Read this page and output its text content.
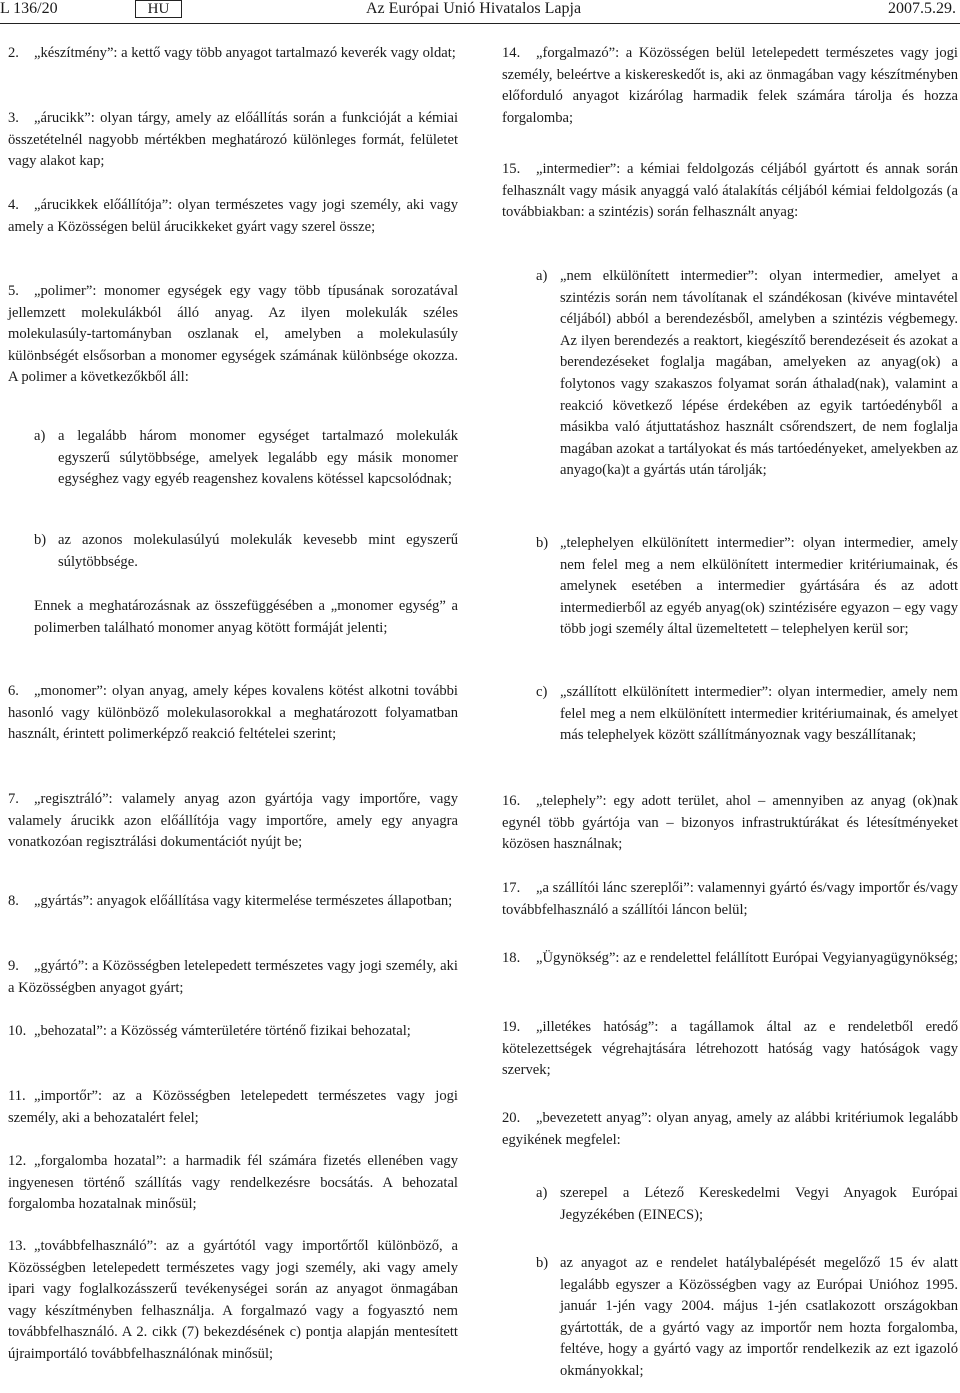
L 136/20	HU	Az Európai Unió Hivatalos Lapja	2007.5.29.
2.	„készítmény”: a kettő vagy több anyagot tartalmazó keverék vagy oldat;
3.	„árucikk”: olyan tárgy, amely az előállítás során a funkcióját a kémiai összetételnél nagyobb mértékben meghatározó különleges formát, felületet vagy alakot kap;
4.	„árucikkek előállítója”: olyan természetes vagy jogi személy, aki vagy amely a Közösségen belül árucikkeket gyárt vagy szerel össze;
5.	„polimer”: monomer egységek egy vagy több típusának sorozatával jellemzett molekulákból álló anyag. Az ilyen molekulák széles molekulasúly-tartományban oszlanak el, amelyben a molekulasúly különbségét elsősorban a monomer egységek számának különbsége okozza. A polimer a következőkből áll:
a) a legalább három monomer egységet tartalmazó molekulák egyszerű súlytöbbsége, amelyek legalább egy másik monomer egységhez vagy egyéb reagenshez kovalens kötéssel kapcsolódnak;
b) az azonos molekulasúlyú molekulák kevesebb mint egyszerű súlytöbbsége.
Ennek a meghatározásnak az összefüggésében a „monomer egység” a polimerben található monomer anyag kötött formáját jelenti;
6.	„monomer”: olyan anyag, amely képes kovalens kötést alkotni további hasonló vagy különböző molekulasorokkal a meghatározott folyamatban használt, érintett polimerképző reakció feltételei szerint;
7.	„regisztráló”: valamely anyag azon gyártója vagy importőre, vagy valamely árucikk azon előállítója vagy importőre, amely egy anyagra vonatkozóan regisztrálási dokumentációt nyújt be;
8.	„gyártás”: anyagok előállítása vagy kitermelése természetes állapotban;
9.	„gyártó”: a Közösségben letelepedett természetes vagy jogi személy, aki a Közösségben anyagot gyárt;
10. „behozatal”: a Közösség vámterületére történő fizikai behozatal;
11. „importőr”: az a Közösségben letelepedett természetes vagy jogi személy, aki a behozatalért felel;
12. „forgalomba hozatal”: a harmadik fél számára fizetés ellenében vagy ingyenesen történő szállítás vagy rendelkezésre bocsátás. A behozatal forgalomba hozatalnak minősül;
13. „továbbfelhasználó”: az a gyártótól vagy importőrtől különböző, a Közösségben letelepedett természetes vagy jogi személy, aki vagy amely ipari vagy foglalkozásszerű tevékenységei során az anyagot önmagában vagy készítményben felhasználja. A forgalmazó vagy a fogyasztó nem továbbfelhasználó. A 2. cikk (7) bekezdésének c) pontja alapján mentesített újraimportáló továbbfelhasználónak minősül;
14.	„forgalmazó”: a Közösségen belül letelepedett természetes vagy jogi személy, beleértve a kiskereskedőt is, aki az önmagában vagy készítményben előforduló anyagot kizárólag harmadik felek számára tárolja és hozza forgalomba;
15.	„intermedier”: a kémiai feldolgozás céljából gyártott és annak során felhasznált vagy másik anyaggá való átalakítás céljából kémiai feldolgozás (a továbbiakban: a szintézis) során felhasznált anyag:
a) „nem elkülönített intermedier”: olyan intermedier, amelyet a szintézis során nem távolítanak el szándékosan (kivéve mintavétel céljából) abból a berendezésből, amelyben a szintézis végbemegy. Az ilyen berendezés a reaktort, kiegészítő berendezéseit és azokat a berendezéseket foglalja magában, amelyeken az anyag(ok) a folytonos vagy szakaszos folyamat során áthalad(nak), valamint a reakció következő lépése érdekében az egyik tartóedényből a másikba való átjuttatáshoz használt csőrendszert, de nem foglalja magában azokat a tartályokat és más tartóedényeket, amelyekben az anyago(ka)t a gyártás után tárolják;
b) „telephelyen elkülönített intermedier”: olyan intermedier, amely nem felel meg a nem elkülönített intermedier kritériumainak, és amelynek esetében a intermedier gyártására és az adott intermedierből az egyéb anyag(ok) szintézisére egyazon – egy vagy több jogi személy által üzemeltetett – telephelyen kerül sor;
c) „szállított elkülönített intermedier”: olyan intermedier, amely nem felel meg a nem elkülönített intermedier kritériumainak, és amelyet más telephelyek között szállítmányoznak vagy beszállítanak;
16.	„telephely”: egy adott terület, ahol – amennyiben az anyag (ok)nak egynél több gyártója van – bizonyos infrastruktúrákat és létesítményeket közösen használnak;
17.	„a szállítói lánc szereplői”: valamennyi gyártó és/vagy importőr és/vagy továbbfelhasználó a szállítói láncon belül;
18.	„Ügynökség”: az e rendelettel felállított Európai Vegyianyagügynökség;
19.	„illetékes hatóság”: a tagállamok által az e rendeletből eredő kötelezettségek végrehajtására létrehozott hatóság vagy hatóságok vagy szervek;
20.	„bevezetett anyag”: olyan anyag, amely az alábbi kritériumok legalább egyikének megfelel:
a) szerepel a Létező Kereskedelmi Vegyi Anyagok Európai Jegyzékében (EINECS);
b) az anyagot az e rendelet hatálybalépését megelőző 15 év alatt legalább egyszer a Közösségben vagy az Európai Unióhoz 1995. január 1-jén vagy 2004. május 1-jén csatlakozott országokban gyártották, de a gyártó vagy az importőr nem hozta forgalomba, feltéve, hogy a gyártó vagy az importőr rendelkezik az ezt igazoló okmányokkal;
